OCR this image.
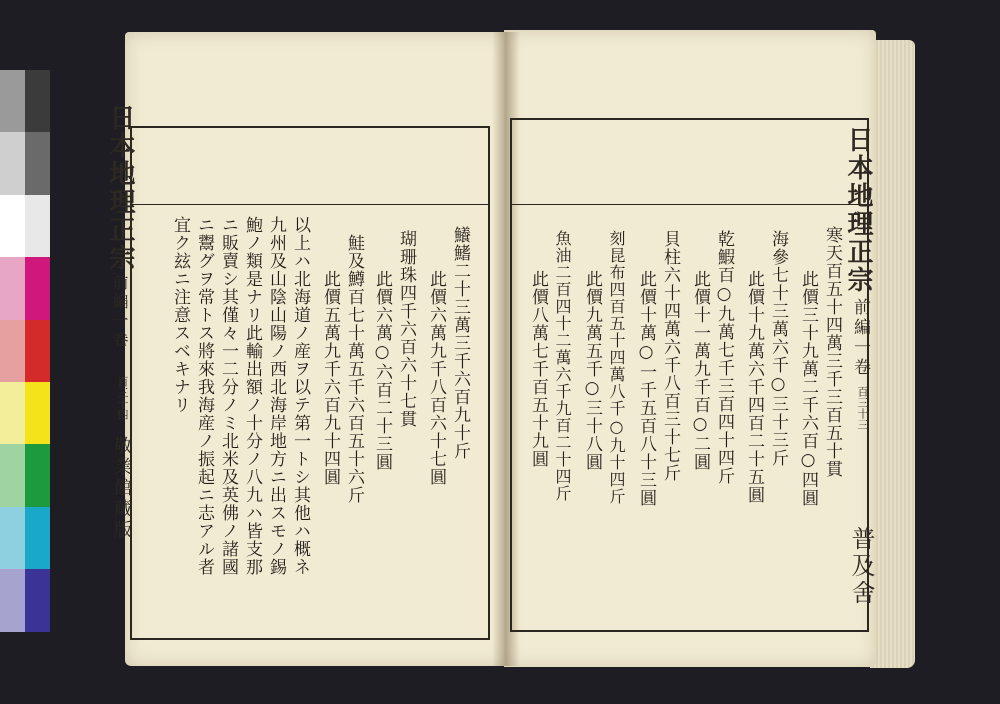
日本地理正宗
前編一卷
百三十四
敬業館蔵版
日本地理正宗
前編一卷
百三十三
普及舍
鱶鰭二十三萬三千六百九十斤
此價六萬九千八百六十七圓
瑚珊珠四千六百六十七貫
此價六萬○六百二十三圓
鮭及鱒百七十萬五千六百五十六斤
此價五萬九千六百九十四圓
以上ハ北海道ノ産ヲ以テ第一トシ其他ハ概ネ
九州及山陰山陽ノ西北海岸地方ニ出スモノ錫
鮑ノ類是ナリ此輸出額ノ十分ノ八九ハ皆支那
ニ販賣シ其僅々一二分ノミ北米及英佛ノ諸國
ニ鬻グヲ常トス將來我海産ノ振起ニ志アル者
宜ク玆ニ注意スベキナリ	寒天百五十四萬三千三百五十貫
此價三十九萬二千六百○四圓
海參七十三萬六千○三十三斤
此價十九萬六千四百二十五圓
乾鰕百○九萬七千三百四十四斤
此價十一萬九千百○二圓
貝柱六十四萬六千八百三十七斤
此價十萬○一千五百八十三圓
刻昆布四百五十四萬八千○九十四斤
此價九萬五千○三十八圓
魚油二百四十二萬六千九百二十四斤
此價八萬七千百五十九圓
